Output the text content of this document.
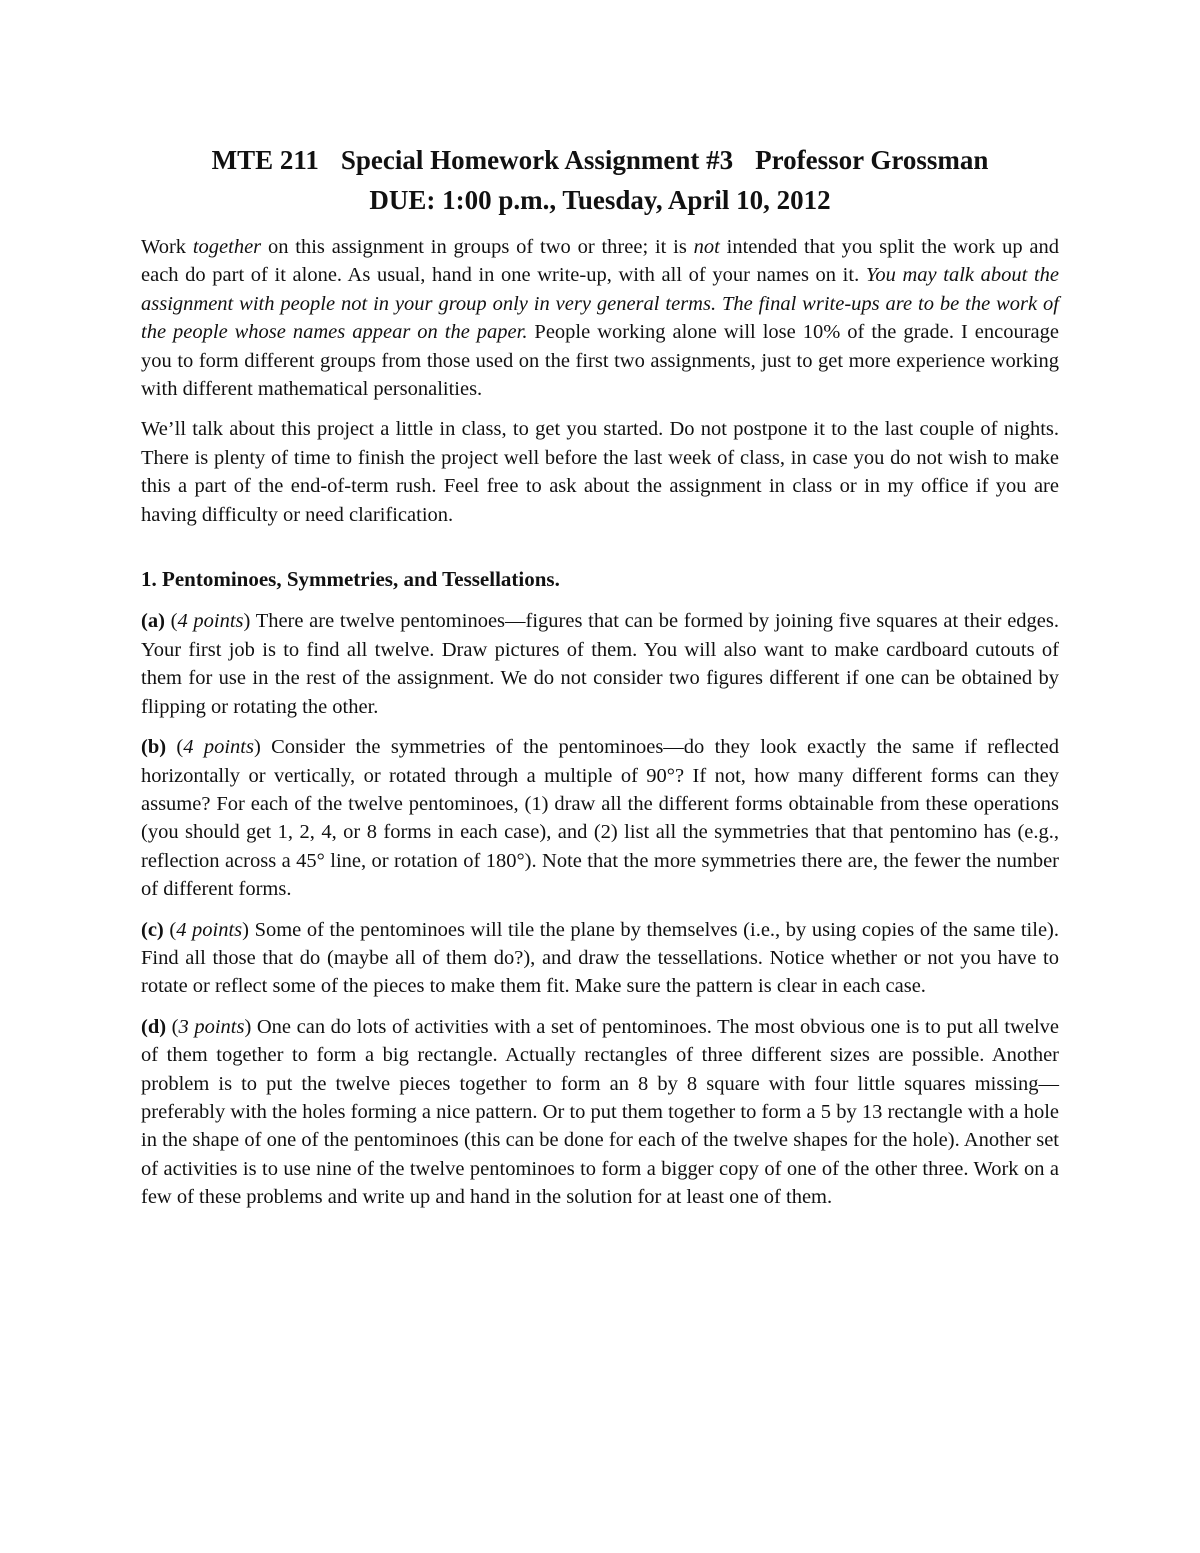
MTE 211 Special Homework Assignment #3 Professor Grossman
DUE: 1:00 p.m., Tuesday, April 10, 2012

Work together on this assignment in groups of two or three; it is not intended that you split the work up and each do part of it alone. As usual, hand in one write-up, with all of your names on it. You may talk about the assignment with people not in your group only in very general terms. The final write-ups are to be the work of the people whose names appear on the paper. People working alone will lose 10% of the grade. I encourage you to form different groups from those used on the first two assignments, just to get more experience working with different mathematical personalities.

We’ll talk about this project a little in class, to get you started. Do not postpone it to the last couple of nights. There is plenty of time to finish the project well before the last week of class, in case you do not wish to make this a part of the end-of-term rush. Feel free to ask about the assignment in class or in my office if you are having difficulty or need clarification.

1. Pentominoes, Symmetries, and Tessellations.

(a) (4 points) There are twelve pentominoes—figures that can be formed by joining five squares at their edges. Your first job is to find all twelve. Draw pictures of them. You will also want to make cardboard cutouts of them for use in the rest of the assignment. We do not consider two figures different if one can be obtained by flipping or rotating the other.

(b) (4 points) Consider the symmetries of the pentominoes—do they look exactly the same if reflected horizontally or vertically, or rotated through a multiple of 90°? If not, how many different forms can they assume? For each of the twelve pentominoes, (1) draw all the different forms obtainable from these operations (you should get 1, 2, 4, or 8 forms in each case), and (2) list all the symmetries that that pentomino has (e.g., reflection across a 45° line, or rotation of 180°). Note that the more symmetries there are, the fewer the number of different forms.

(c) (4 points) Some of the pentominoes will tile the plane by themselves (i.e., by using copies of the same tile). Find all those that do (maybe all of them do?), and draw the tessellations. Notice whether or not you have to rotate or reflect some of the pieces to make them fit. Make sure the pattern is clear in each case.

(d) (3 points) One can do lots of activities with a set of pentominoes. The most obvious one is to put all twelve of them together to form a big rectangle. Actually rectangles of three different sizes are possible. Another problem is to put the twelve pieces together to form an 8 by 8 square with four little squares missing—preferably with the holes forming a nice pattern. Or to put them together to form a 5 by 13 rectangle with a hole in the shape of one of the pentominoes (this can be done for each of the twelve shapes for the hole). Another set of activities is to use nine of the twelve pentominoes to form a bigger copy of one of the other three. Work on a few of these problems and write up and hand in the solution for at least one of them.
